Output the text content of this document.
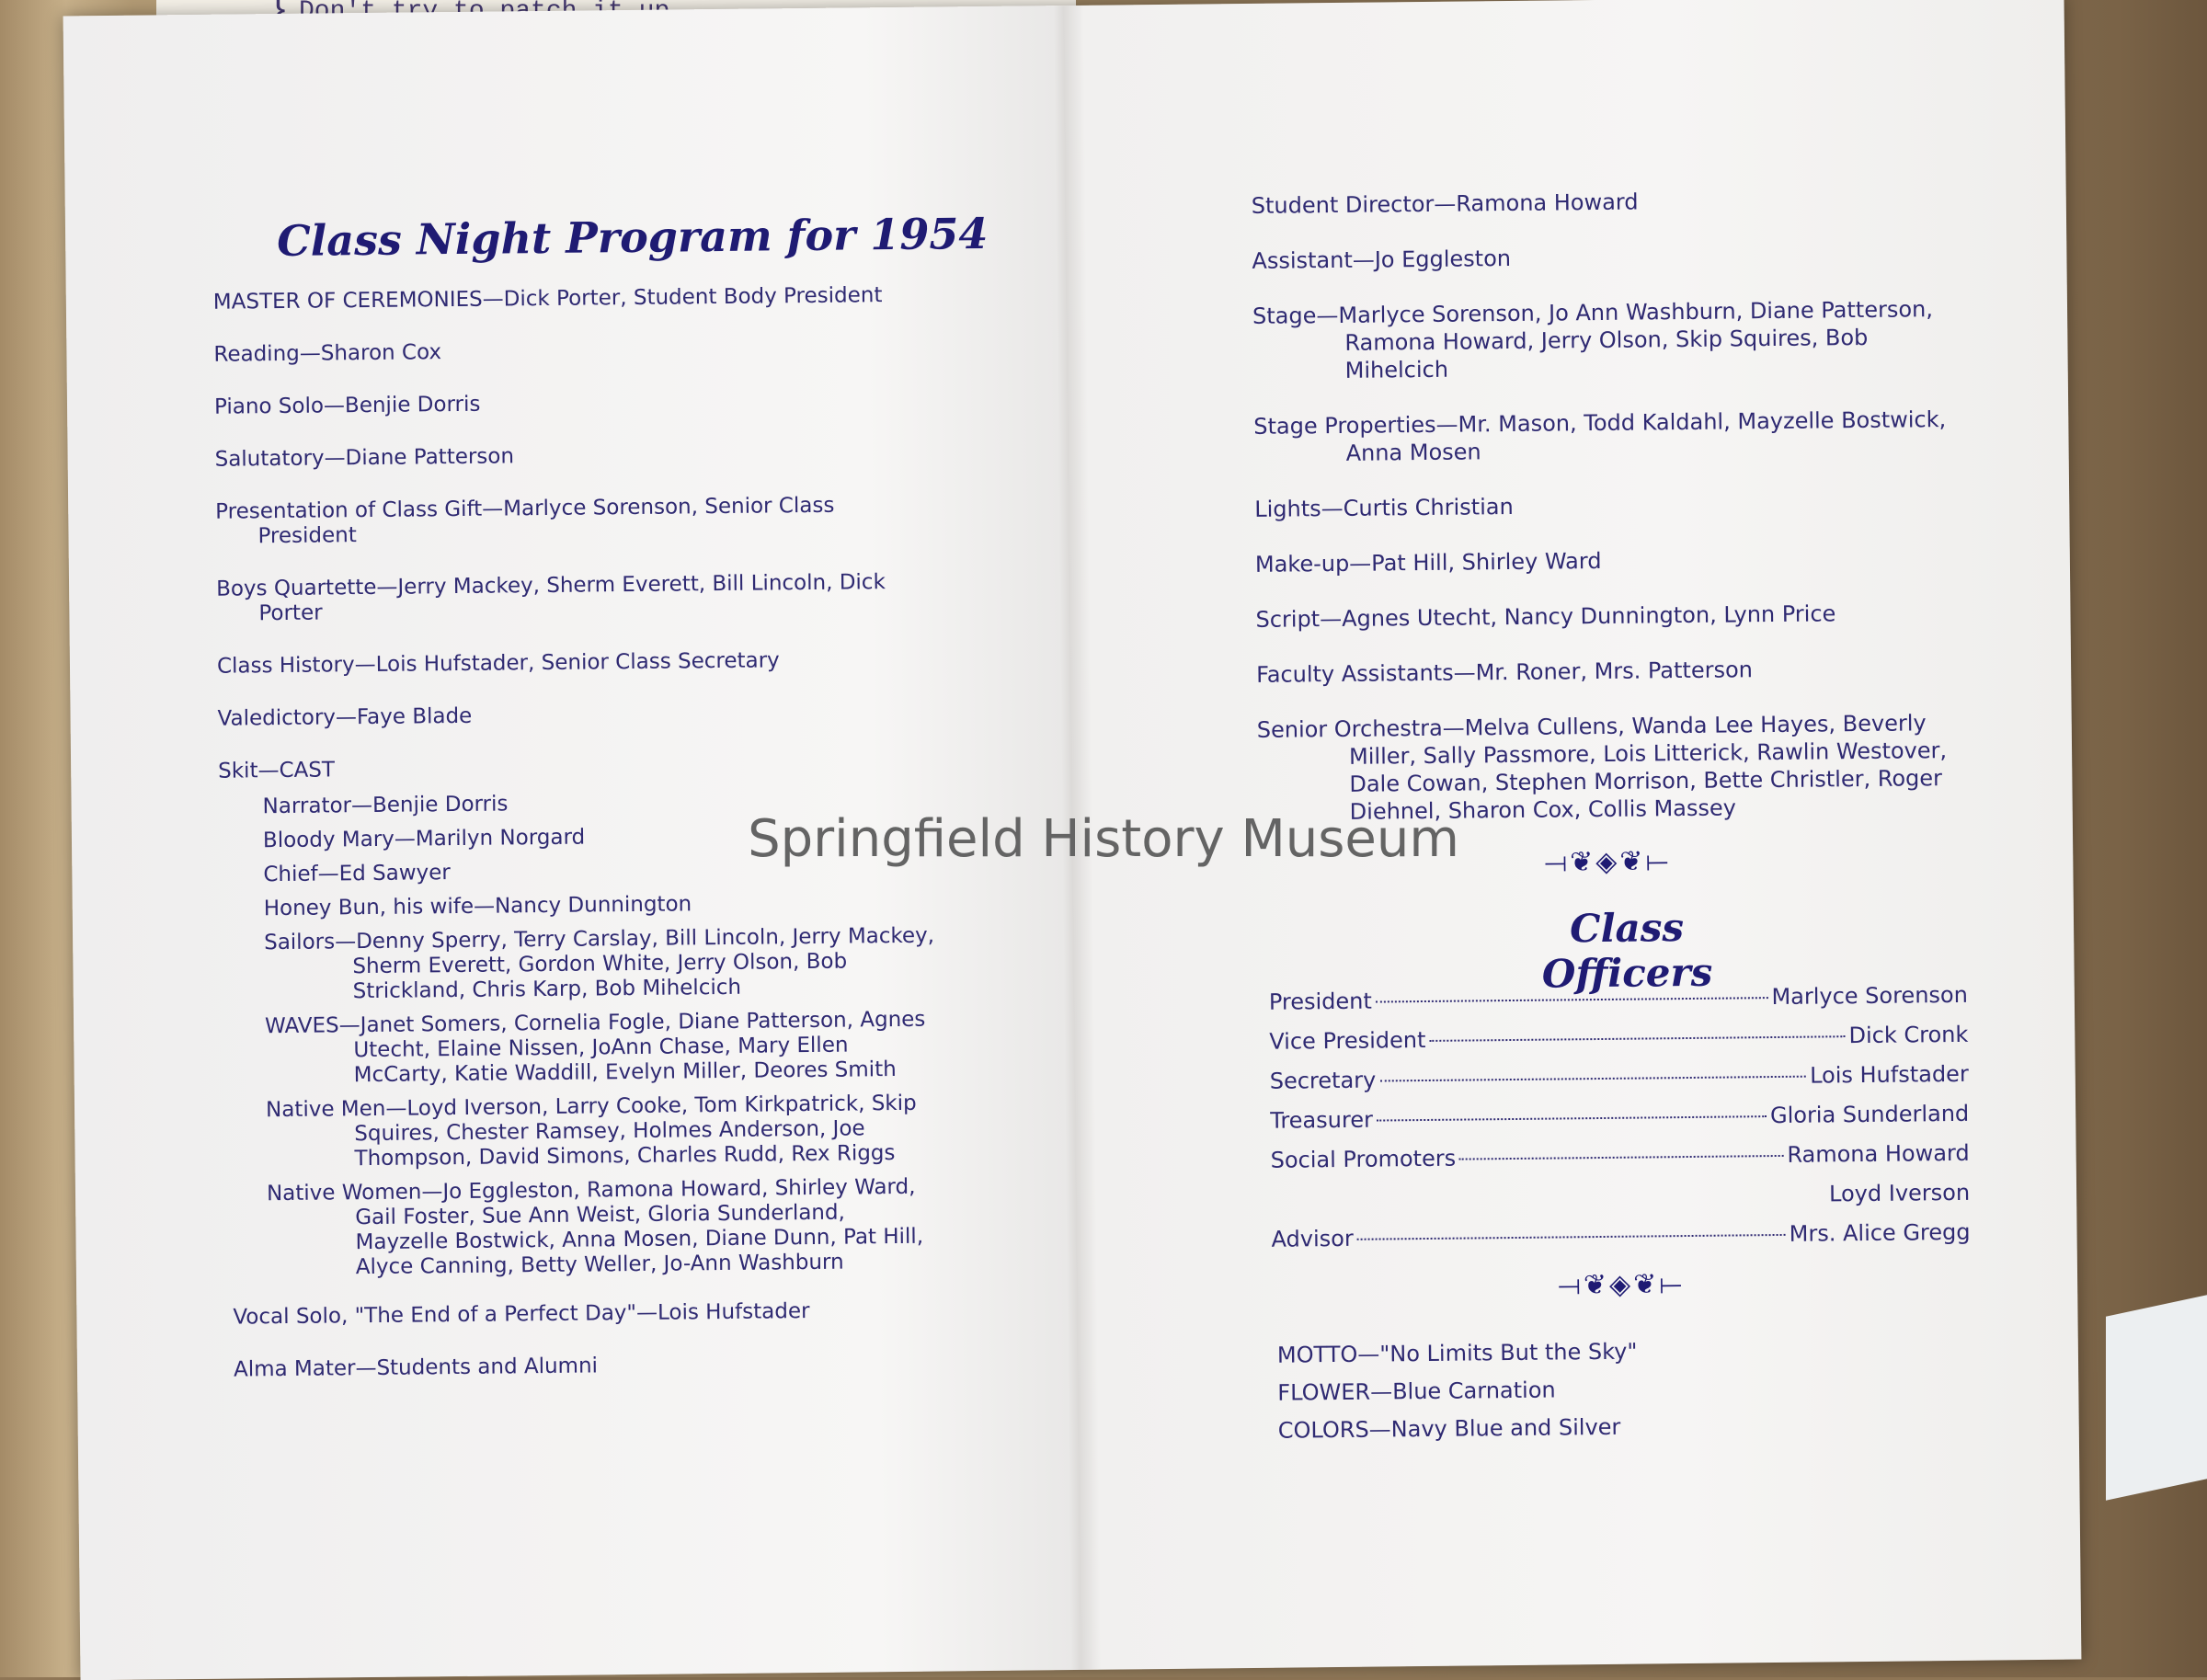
Class Night Program for 1954
MASTER OF CEREMONIES—Dick Porter, Student Body President
Reading—Sharon Cox
Piano Solo—Benjie Dorris
Salutatory—Diane Patterson
Presentation of Class Gift—Marlyce Sorenson, Senior Class President
Boys Quartette—Jerry Mackey, Sherm Everett, Bill Lincoln, Dick Porter
Class History—Lois Hufstader, Senior Class Secretary
Valedictory—Faye Blade
Skit—CAST
Narrator—Benjie Dorris
Bloody Mary—Marilyn Norgard
Chief—Ed Sawyer
Honey Bun, his wife—Nancy Dunnington
Sailors—Denny Sperry, Terry Carslay, Bill Lincoln, Jerry Mackey, Sherm Everett, Gordon White, Jerry Olson, Bob Strickland, Chris Karp, Bob Mihelcich
WAVES—Janet Somers, Cornelia Fogle, Diane Patterson, Agnes Utecht, Elaine Nissen, JoAnn Chase, Mary Ellen McCarty, Katie Waddill, Evelyn Miller, Deores Smith
Native Men—Loyd Iverson, Larry Cooke, Tom Kirkpatrick, Skip Squires, Chester Ramsey, Holmes Anderson, Joe Thompson, David Simons, Charles Rudd, Rex Riggs
Native Women—Jo Eggleston, Ramona Howard, Shirley Ward, Gail Foster, Sue Ann Weist, Gloria Sunderland, Mayzelle Bostwick, Anna Mosen, Diane Dunn, Pat Hill, Alyce Canning, Betty Weller, Jo-Ann Washburn
Vocal Solo, "The End of a Perfect Day"—Lois Hufstader
Alma Mater—Students and Alumni
Student Director—Ramona Howard
Assistant—Jo Eggleston
Stage—Marlyce Sorenson, Jo Ann Washburn, Diane Patterson, Ramona Howard, Jerry Olson, Skip Squires, Bob Mihelcich
Stage Properties—Mr. Mason, Todd Kaldahl, Mayzelle Bostwick, Anna Mosen
Lights—Curtis Christian
Make-up—Pat Hill, Shirley Ward
Script—Agnes Utecht, Nancy Dunnington, Lynn Price
Faculty Assistants—Mr. Roner, Mrs. Patterson
Senior Orchestra—Melva Cullens, Wanda Lee Hayes, Beverly Miller, Sally Passmore, Lois Litterick, Rawlin Westover, Dale Cowan, Stephen Morrison, Bette Christler, Roger Diehnel, Sharon Cox, Collis Massey
⟞❦◈❦⟝
Class Officers
President	Marlyce Sorenson
Vice President	Dick Cronk
Secretary	Lois Hufstader
Treasurer	Gloria Sunderland
Social Promoters	Ramona Howard
Loyd Iverson
Advisor	Mrs. Alice Gregg
⟞❦◈❦⟝
MOTTO—"No Limits But the Sky"
FLOWER—Blue Carnation
COLORS—Navy Blue and Silver
Springfield History Museum
